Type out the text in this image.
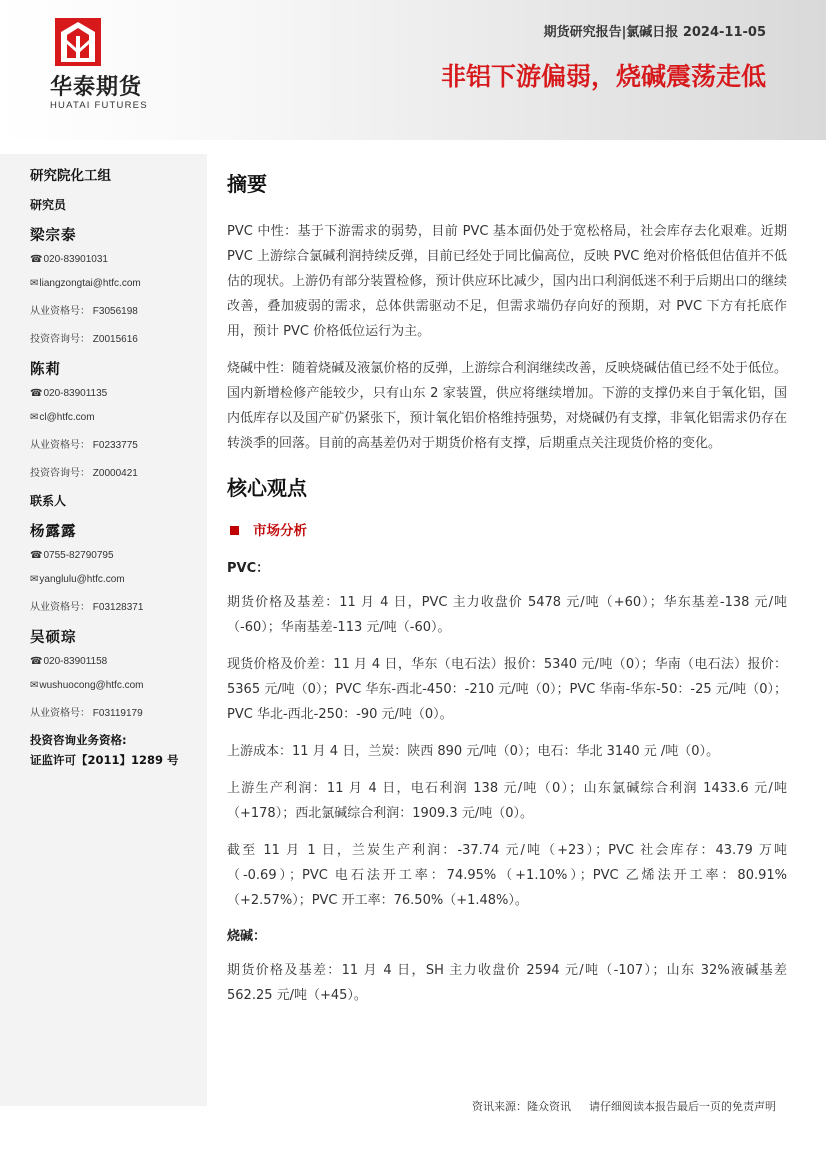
华泰期货
HUATAI FUTURES
期货研究报告|氯碱日报 2024-11-05
非铝下游偏弱，烧碱震荡走低
研究院化工组
研究员
梁宗泰
☎020-83901031
✉liangzongtai@htfc.com
从业资格号： F3056198
投资咨询号： Z0015616
陈莉
☎020-83901135
✉cl@htfc.com
从业资格号： F0233775
投资咨询号： Z0000421
联系人
杨露露
☎0755-82790795
✉yanglulu@htfc.com
从业资格号： F03128371
吴硕琮
☎020-83901158
✉wushuocong@htfc.com
从业资格号： F03119179
投资咨询业务资格:
证监许可【2011】1289 号
摘要
PVC 中性：基于下游需求的弱势，目前 PVC 基本面仍处于宽松格局，社会库存去化艰难。近期 PVC 上游综合氯碱利润持续反弹，目前已经处于同比偏高位，反映 PVC 绝对价格低但估值并不低估的现状。上游仍有部分装置检修，预计供应环比减少，国内出口利润低迷不利于后期出口的继续改善，叠加疲弱的需求，总体供需驱动不足，但需求端仍存向好的预期，对 PVC 下方有托底作用，预计 PVC 价格低位运行为主。
烧碱中性：随着烧碱及液氯价格的反弹，上游综合利润继续改善，反映烧碱估值已经不处于低位。国内新增检修产能较少，只有山东 2 家装置，供应将继续增加。下游的支撑仍来自于氧化铝，国内低库存以及国产矿仍紧张下，预计氧化铝价格维持强势，对烧碱仍有支撑，非氧化铝需求仍存在转淡季的回落。目前的高基差仍对于期货价格有支撑，后期重点关注现货价格的变化。
核心观点
市场分析
PVC：
期货价格及基差：11 月 4 日，PVC 主力收盘价 5478 元/吨（+60）；华东基差-138 元/吨（-60）；华南基差-113 元/吨（-60）。
现货价格及价差：11 月 4 日，华东（电石法）报价：5340 元/吨（0）；华南（电石法）报价：5365 元/吨（0）；PVC 华东-西北-450：-210 元/吨（0）；PVC 华南-华东-50：-25 元/吨（0）；PVC 华北-西北-250：-90 元/吨（0）。
上游成本：11 月 4 日，兰炭：陕西 890 元/吨（0）；电石：华北 3140 元 /吨（0）。
上游生产利润：11 月 4 日，电石利润 138 元/吨（0）；山东氯碱综合利润 1433.6 元/吨（+178）；西北氯碱综合利润：1909.3 元/吨（0）。
截至 11 月 1 日，兰炭生产利润：-37.74 元/吨（+23）；PVC 社会库存：43.79 万吨（-0.69）；PVC 电石法开工率：74.95%（+1.10%）；PVC 乙烯法开工率：80.91%（+2.57%）；PVC 开工率：76.50%（+1.48%）。
烧碱：
期货价格及基差：11 月 4 日，SH 主力收盘价 2594 元/吨（-107）；山东 32%液碱基差 562.25 元/吨（+45）。
资讯来源：隆众资讯 请仔细阅读本报告最后一页的免责声明
